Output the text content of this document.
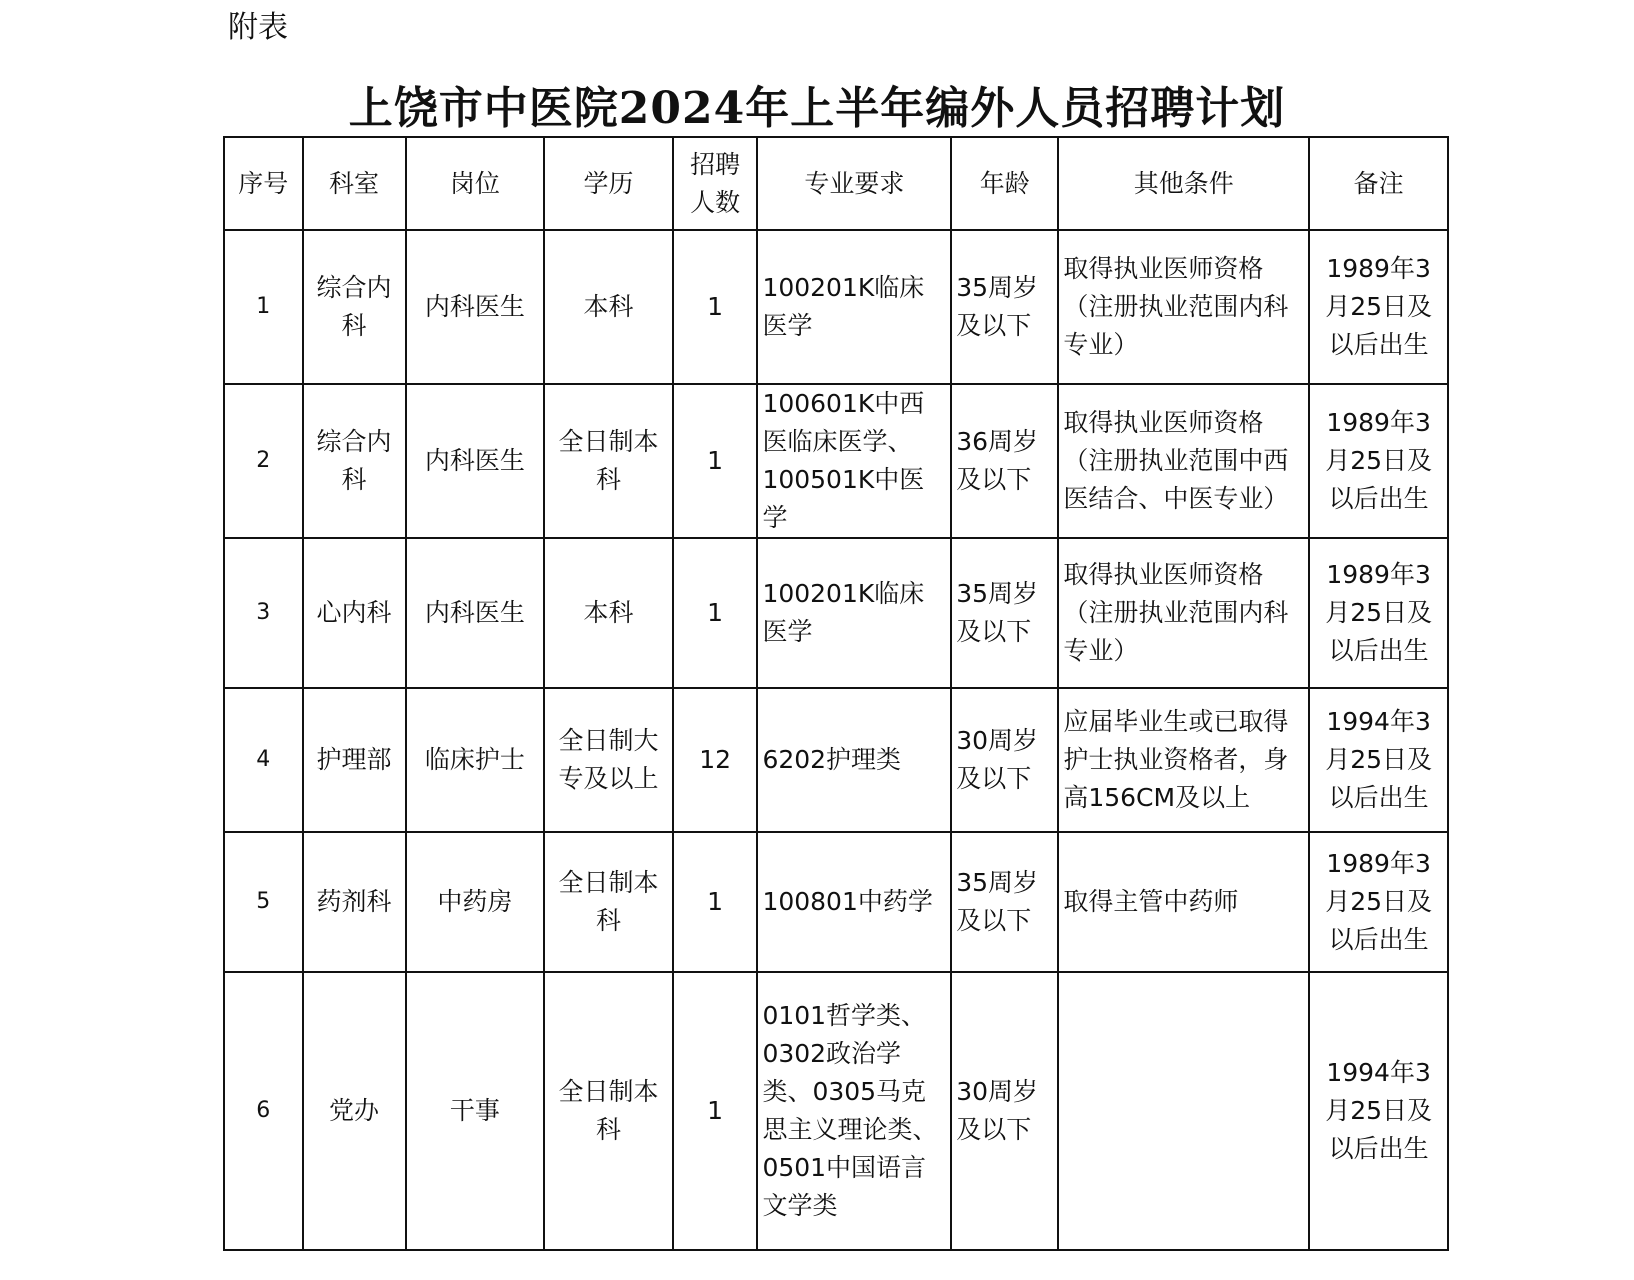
附表
上饶市中医院2024年上半年编外人员招聘计划
序号	科室	岗位	学历	招聘人数	专业要求	年龄	其他条件	备注
1	综合内科	内科医生	本科	1	100201K临床医学	35周岁及以下	取得执业医师资格（注册执业范围内科专业）	1989年3月25日及以后出生
2	综合内科	内科医生	全日制本科	1	100601K中西医临床医学、100501K中医学	36周岁及以下	取得执业医师资格（注册执业范围中西医结合、中医专业）	1989年3月25日及以后出生
3	心内科	内科医生	本科	1	100201K临床医学	35周岁及以下	取得执业医师资格（注册执业范围内科专业）	1989年3月25日及以后出生
4	护理部	临床护士	全日制大专及以上	12	6202护理类	30周岁及以下	应届毕业生或已取得护士执业资格者，身高156CM及以上	1994年3月25日及以后出生
5	药剂科	中药房	全日制本科	1	100801中药学	35周岁及以下	取得主管中药师	1989年3月25日及以后出生
6	党办	干事	全日制本科	1	0101哲学类、0302政治学类、0305马克思主义理论类、0501中国语言文学类	30周岁及以下		1994年3月25日及以后出生
